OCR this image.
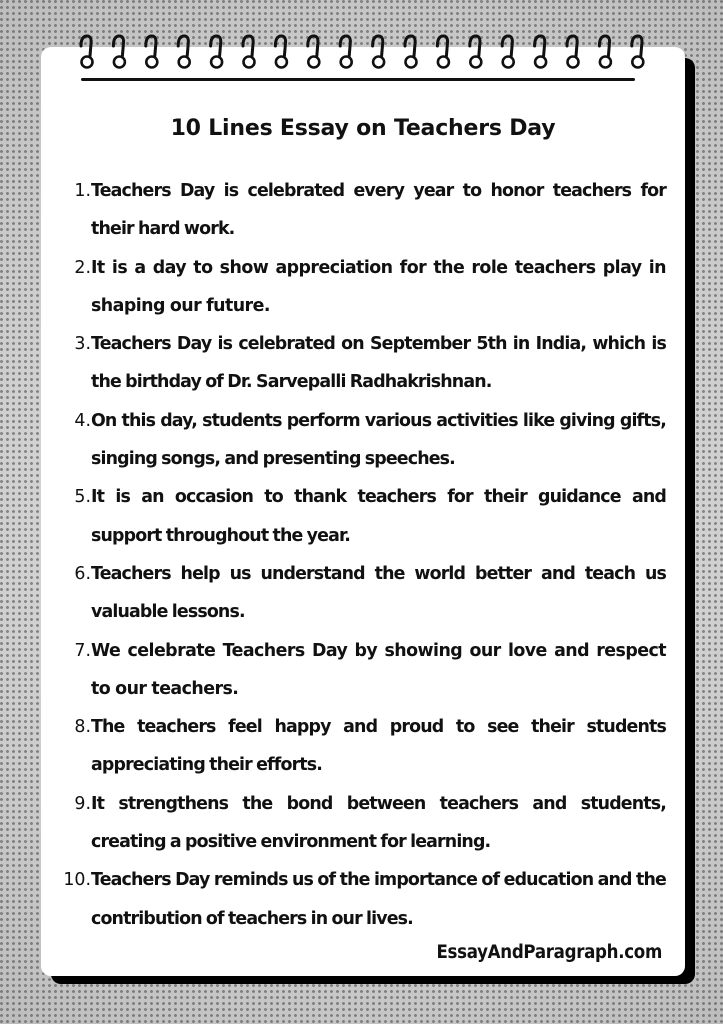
10 Lines Essay on Teachers Day
1. Teachers Day is celebrated every year to honor teachers for their hard work.
2. It is a day to show appreciation for the role teachers play in shaping our future.
3. Teachers Day is celebrated on September 5th in India, which is the birthday of Dr. Sarvepalli Radhakrishnan.
4. On this day, students perform various activities like giving gifts, singing songs, and presenting speeches.
5. It is an occasion to thank teachers for their guidance and support throughout the year.
6. Teachers help us understand the world better and teach us valuable lessons.
7. We celebrate Teachers Day by showing our love and respect to our teachers.
8. The teachers feel happy and proud to see their students appreciating their efforts.
9. It strengthens the bond between teachers and students, creating a positive environment for learning.
10. Teachers Day reminds us of the importance of education and the contribution of teachers in our lives.
EssayAndParagraph.com
